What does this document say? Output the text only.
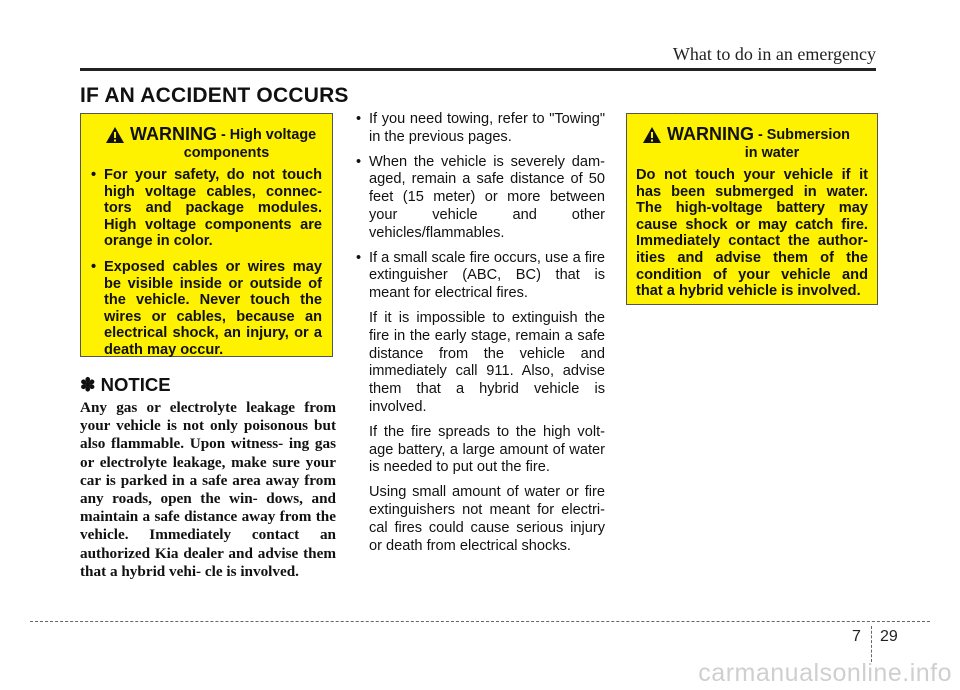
What to do in an emergency
IF AN ACCIDENT OCCURS
WARNING - High voltage
components
• For your safety, do not touch high voltage cables, connec- tors and package modules. High voltage components are orange in color.
• Exposed cables or wires may be visible inside or outside of the vehicle. Never touch the wires or cables, because an electrical shock, an injury, or a death may occur.
✽ NOTICE
Any gas or electrolyte leakage from your vehicle is not only poisonous but also flammable. Upon witness- ing gas or electrolyte leakage, make sure your car is parked in a safe area away from any roads, open the win- dows, and maintain a safe distance away from the vehicle. Immediately contact an authorized Kia dealer and advise them that a hybrid vehi- cle is involved.
• If you need towing, refer to "Towing" in the previous pages.
• When the vehicle is severely dam- aged, remain a safe distance of 50 feet (15 meter) or more between your vehicle and other vehicles/flammables.
• If a small scale fire occurs, use a fire extinguisher (ABC, BC) that is meant for electrical fires.
If it is impossible to extinguish the fire in the early stage, remain a safe distance from the vehicle and immediately call 911. Also, advise them that a hybrid vehicle is involved.
If the fire spreads to the high volt- age battery, a large amount of water is needed to put out the fire.
Using small amount of water or fire extinguishers not meant for electri- cal fires could cause serious injury or death from electrical shocks.
WARNING - Submersion
in water
Do not touch your vehicle if it has been submerged in water. The high-voltage battery may cause shock or may catch fire. Immediately contact the author- ities and advise them of the condition of your vehicle and that a hybrid vehicle is involved.
7 29
carmanualsonline.info
